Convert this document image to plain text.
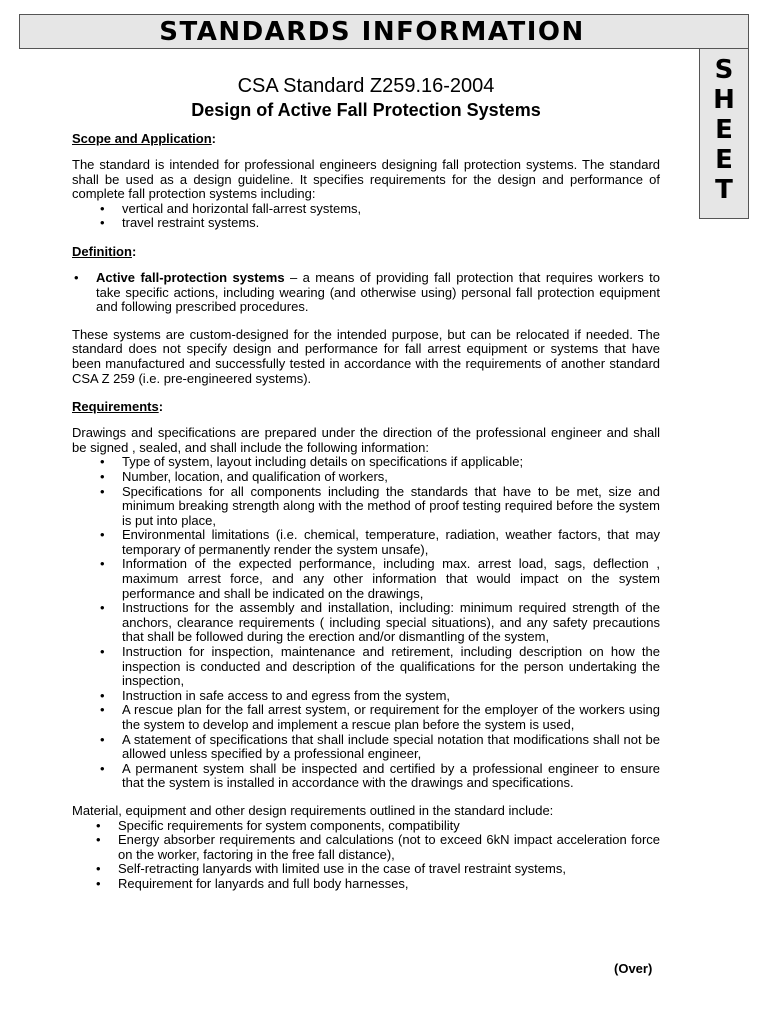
STANDARDS INFORMATION
S
H
E
E
T
CSA Standard Z259.16-2004
Design of Active Fall Protection Systems
Scope and Application:

The standard is intended for professional engineers designing fall protection systems. The standard shall be used as a design guideline. It specifies requirements for the design and performance of complete fall protection systems including:

• vertical and horizontal fall-arrest systems,
• travel restraint systems.
Definition:
• Active fall-protection systems – a means of providing fall protection that requires workers to take specific actions, including wearing (and otherwise using) personal fall protection equipment and following prescribed procedures.

These systems are custom-designed for the intended purpose, but can be relocated if needed. The standard does not specify design and performance for fall arrest equipment or systems that have been manufactured and successfully tested in accordance with the requirements of another standard CSA Z 259 (i.e. pre-engineered systems).

Requirements:

Drawings and specifications are prepared under the direction of the professional engineer and shall be signed , sealed, and shall include the following information:

• Type of system, layout including details on specifications if applicable;
• Number, location, and qualification of workers,
• Specifications for all components including the standards that have to be met, size and minimum breaking strength along with the method of proof testing required before the system is put into place,
• Environmental limitations (i.e. chemical, temperature, radiation, weather factors, that may temporary of permanently render the system unsafe),
• Information of the expected performance, including max. arrest load, sags, deflection , maximum arrest force, and any other information that would impact on the system performance and shall be indicated on the drawings,
• Instructions for the assembly and installation, including: minimum required strength of the anchors, clearance requirements ( including special situations), and any safety precautions that shall be followed during the erection and/or dismantling of the system,
• Instruction for inspection, maintenance and retirement, including description on how the inspection is conducted and description of the qualifications for the person undertaking the inspection,
• Instruction in safe access to and egress from the system,
• A rescue plan for the fall arrest system, or requirement for the employer of the workers using the system to develop and implement a rescue plan before the system is used,
• A statement of specifications that shall include special notation that modifications shall not be allowed unless specified by a professional engineer,
• A permanent system shall be inspected and certified by a professional engineer to ensure that the system is installed in accordance with the drawings and specifications.

Material, equipment and other design requirements outlined in the standard include:

• Specific requirements for system components, compatibility
• Energy absorber requirements and calculations (not to exceed 6kN impact acceleration force on the worker, factoring in the free fall distance),
• Self-retracting lanyards with limited use in the case of travel restraint systems,
• Requirement for lanyards and full body harnesses,
(Over)
